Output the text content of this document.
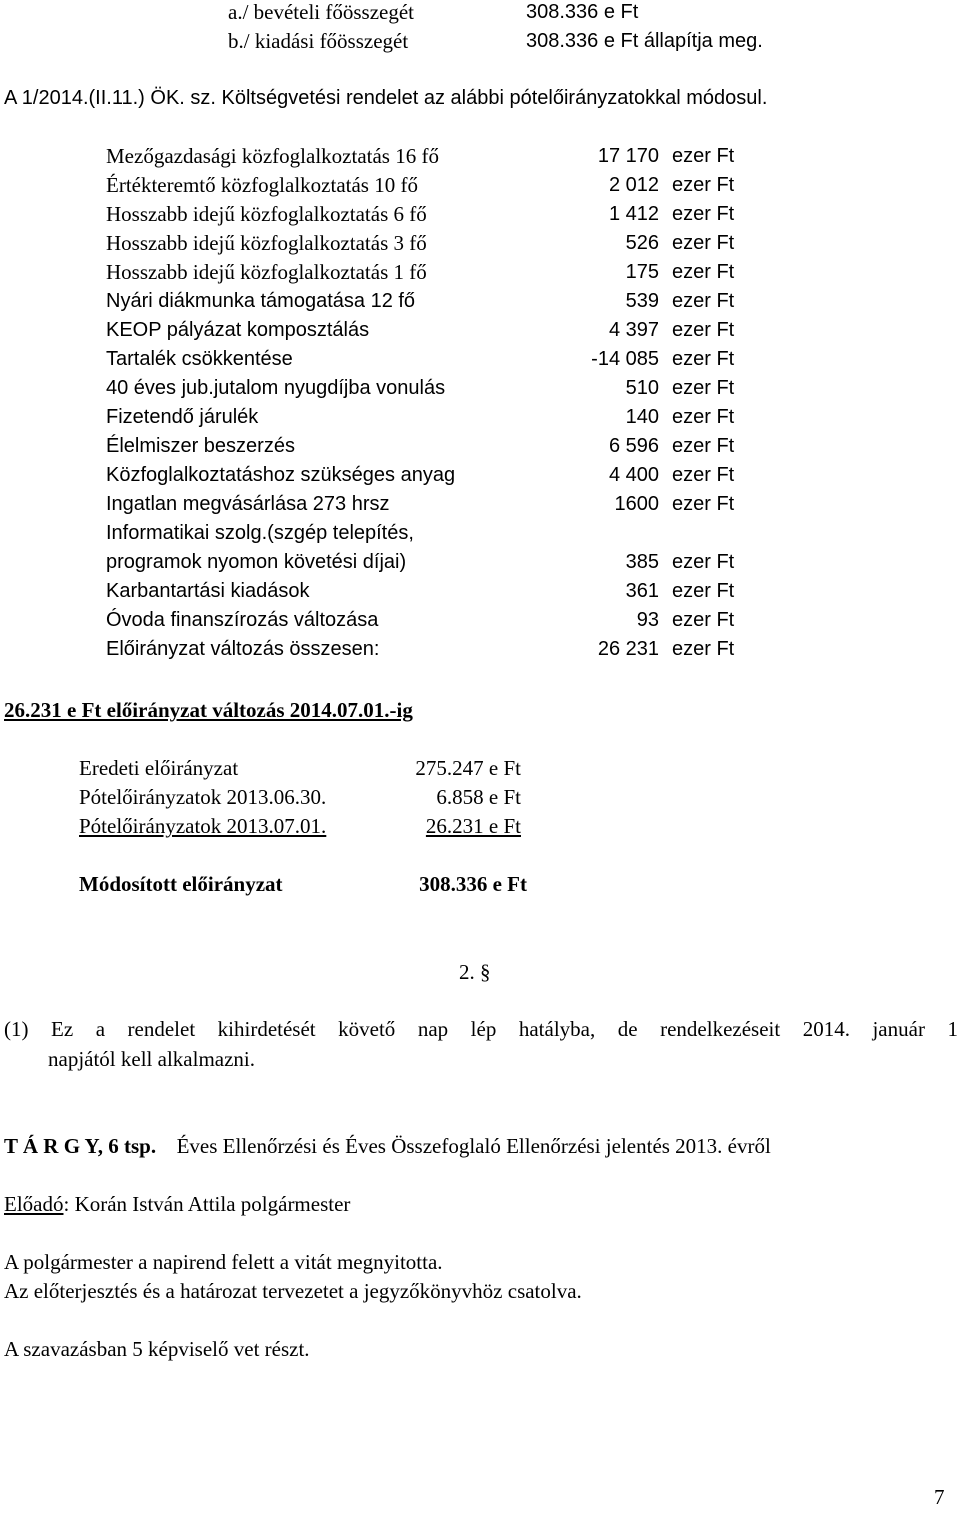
a./ bevételi főösszegét	308.336 e Ft
b./ kiadási főösszegét	308.336 e Ft állapítja meg.
A 1/2014.(II.11.) ÖK. sz. Költségvetési rendelet az alábbi pótelőirányzatokkal módosul.
Mezőgazdasági közfoglalkoztatás 16 fő	17 170 ezer Ft
Értékteremtő közfoglalkoztatás 10 fő	2 012 ezer Ft
Hosszabb idejű közfoglalkoztatás 6 fő	1 412 ezer Ft
Hosszabb idejű közfoglalkoztatás 3 fő	526 ezer Ft
Hosszabb idejű közfoglalkoztatás 1 fő	175 ezer Ft
Nyári diákmunka támogatása 12 fő	539 ezer Ft
KEOP pályázat komposztálás	4 397 ezer Ft
Tartalék csökkentése	-14 085 ezer Ft
40 éves jub.jutalom nyugdíjba vonulás	510 ezer Ft
Fizetendő járulék	140 ezer Ft
Élelmiszer beszerzés	6 596 ezer Ft
Közfoglalkoztatáshoz szükséges anyag	4 400 ezer Ft
Ingatlan megvásárlása 273 hrsz	1600 ezer Ft
Informatikai szolg.(szgép telepítés,
programok nyomon követési díjai)	385 ezer Ft
Karbantartási kiadások	361 ezer Ft
Óvoda finanszírozás változása	93 ezer Ft
Előirányzat változás összesen:	26 231 ezer Ft
26.231 e Ft előirányzat változás 2014.07.01.-ig
Eredeti előirányzat	275.247 e Ft
Pótelőirányzatok 2013.06.30.	6.858 e Ft
Pótelőirányzatok 2013.07.01.	26.231 e Ft
Módosított előirányzat	308.336 e Ft
2. §
(1) Ez a rendelet kihirdetését követő nap lép hatályba, de rendelkezéseit 2014. január 1
napjától kell alkalmazni.
T Á R G Y, 6 tsp. Éves Ellenőrzési és Éves Összefoglaló Ellenőrzési jelentés 2013. évről
Előadó: Korán István Attila polgármester
A polgármester a napirend felett a vitát megnyitotta.
Az előterjesztés és a határozat tervezetet a jegyzőkönyvhöz csatolva.
A szavazásban 5 képviselő vet részt.
7
